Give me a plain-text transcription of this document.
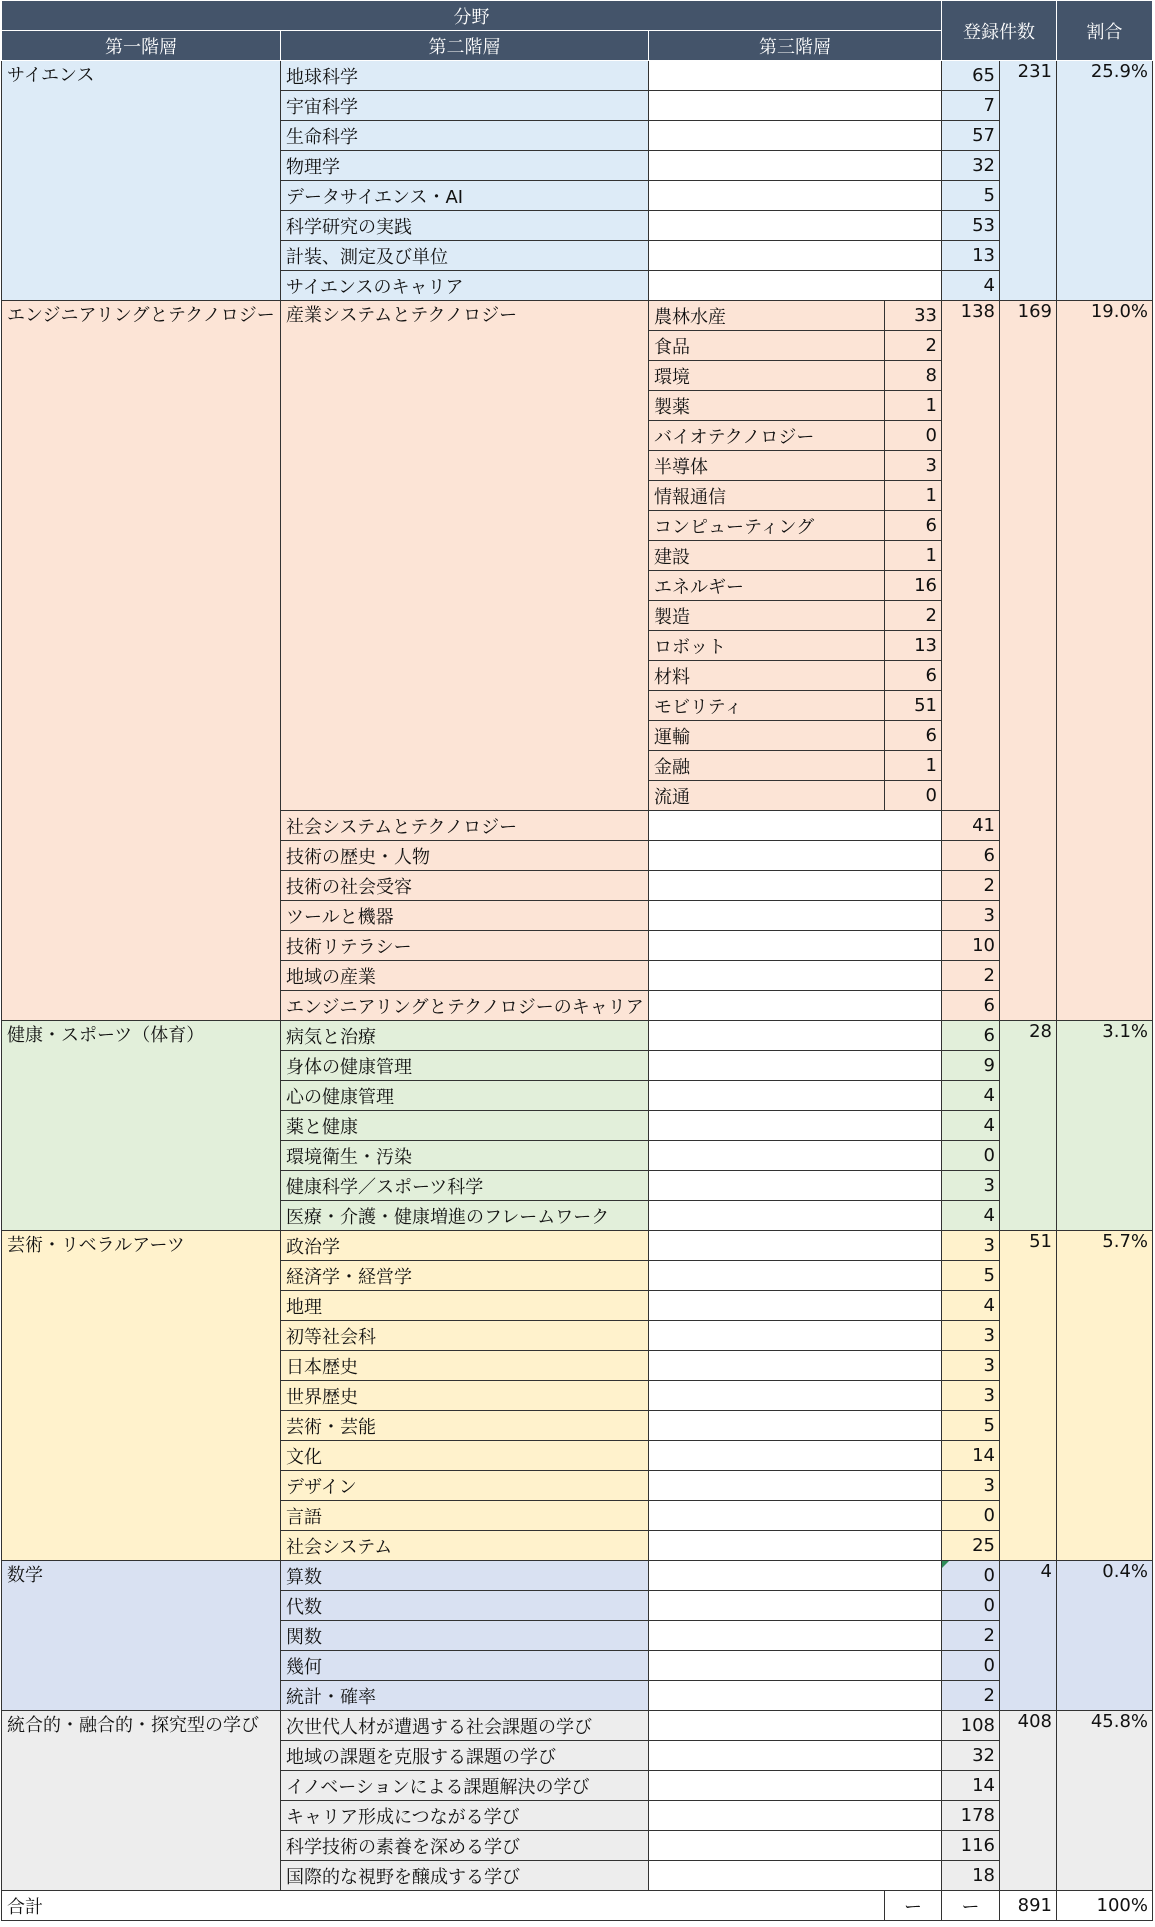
分野				登録件数		割合
第一階層	第二階層	第三階層				
サイエンス	地球科学			65	231	25.9%
	宇宙科学			7		
	生命科学			57		
	物理学			32		
	データサイエンス・AI			5		
	科学研究の実践			53		
	計装、測定及び単位			13		
	サイエンスのキャリア			4		
エンジニアリングとテクノロジー	産業システムとテクノロジー	農林水産	33	138	169	19.0%
		食品	2			
		環境	8			
		製薬	1			
		バイオテクノロジー	0			
		半導体	3			
		情報通信	1			
		コンピューティング	6			
		建設	1			
		エネルギー	16			
		製造	2			
		ロボット	13			
		材料	6			
		モビリティ	51			
		運輸	6			
		金融	1			
		流通	0			
	社会システムとテクノロジー			41		
	技術の歴史・人物			6		
	技術の社会受容			2		
	ツールと機器			3		
	技術リテラシー			10		
	地域の産業			2		
	エンジニアリングとテクノロジーのキャリア			6		
健康・スポーツ（体育）	病気と治療			6	28	3.1%
	身体の健康管理			9		
	心の健康管理			4		
	薬と健康			4		
	環境衛生・汚染			0		
	健康科学／スポーツ科学			3		
	医療・介護・健康増進のフレームワーク			4		
芸術・リベラルアーツ	政治学			3	51	5.7%
	経済学・経営学			5		
	地理			4		
	初等社会科			3		
	日本歴史			3		
	世界歴史			3		
	芸術・芸能			5		
	文化			14		
	デザイン			3		
	言語			0		
	社会システム			25		
数学	算数			0	4	0.4%
	代数			0		
	関数			2		
	幾何			0		
	統計・確率			2		
統合的・融合的・探究型の学び	次世代人材が遭遇する社会課題の学び			108	408	45.8%
	地域の課題を克服する課題の学び			32		
	イノベーションによる課題解決の学び			14		
	キャリア形成につながる学び			178		
	科学技術の素養を深める学び			116		
	国際的な視野を醸成する学び			18		
合計			ー	ー	891	100%
